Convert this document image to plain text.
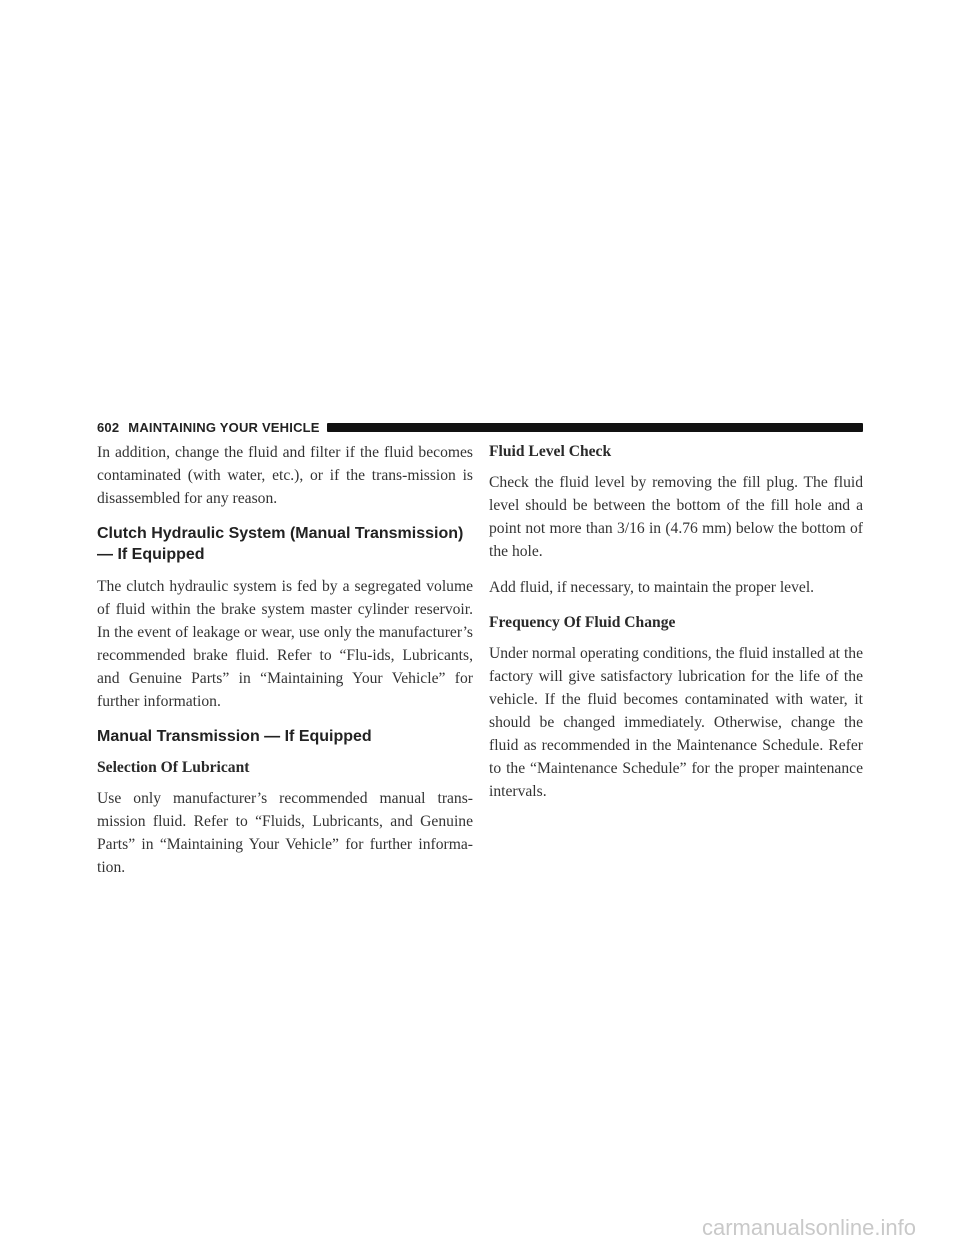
602 MAINTAINING YOUR VEHICLE

In addition, change the fluid and filter if the fluid becomes contaminated (with water, etc.), or if the trans-mission is disassembled for any reason.

Clutch Hydraulic System (Manual Transmission) — If Equipped

The clutch hydraulic system is fed by a segregated volume of fluid within the brake system master cylinder reservoir. In the event of leakage or wear, use only the manufacturer’s recommended brake fluid. Refer to “Flu-ids, Lubricants, and Genuine Parts” in “Maintaining Your Vehicle” for further information.

Manual Transmission — If Equipped
Selection Of Lubricant

Use only manufacturer’s recommended manual trans-mission fluid. Refer to “Fluids, Lubricants, and Genuine Parts” in “Maintaining Your Vehicle” for further informa-tion.

Fluid Level Check

Check the fluid level by removing the fill plug. The fluid level should be between the bottom of the fill hole and a point not more than 3/16 in (4.76 mm) below the bottom of the hole.

Add fluid, if necessary, to maintain the proper level.

Frequency Of Fluid Change

Under normal operating conditions, the fluid installed at the factory will give satisfactory lubrication for the life of the vehicle. If the fluid becomes contaminated with water, it should be changed immediately. Otherwise, change the fluid as recommended in the Maintenance Schedule. Refer to the “Maintenance Schedule” for the proper maintenance intervals.

carmanualsonline.info
